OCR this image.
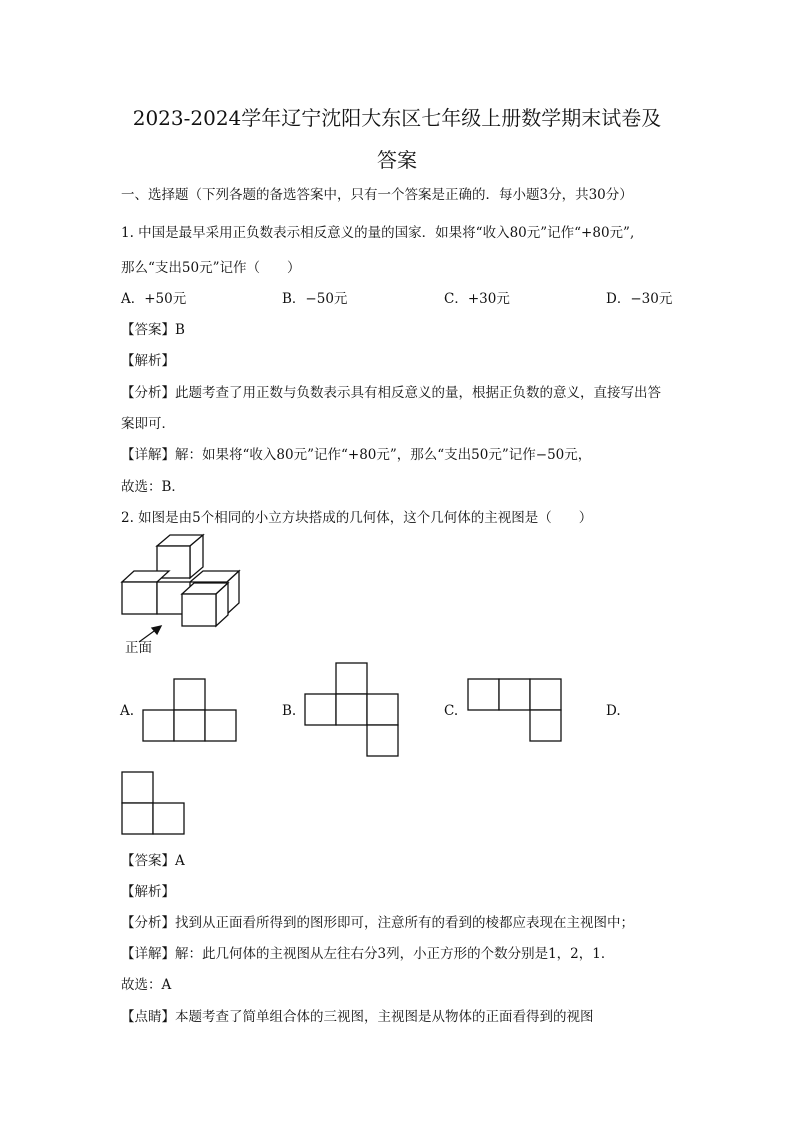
2023-2024学年辽宁沈阳大东区七年级上册数学期末试卷及
答案
一、选择题（下列各题的备选答案中，只有一个答案是正确的．每小题3分，共30分）
1. 中国是最早采用正负数表示相反意义的量的国家．如果将“收入80元”记作“+80元”,
那么“支出50元”记作（　　）
A．+50元	B．−50元	C．+30元	D．−30元
【答案】B
【解析】
【分析】此题考查了用正数与负数表示具有相反意义的量，根据正负数的意义，直接写出答
案即可．
【详解】解：如果将“收入80元”记作“+80元”，那么“支出50元”记作−50元，
故选：B．
2. 如图是由5个相同的小立方块搭成的几何体，这个几何体的主视图是（　　）
正面
A.	B.	C.	D.
【答案】A
【解析】
【分析】找到从正面看所得到的图形即可，注意所有的看到的棱都应表现在主视图中；
【详解】解：此几何体的主视图从左往右分3列，小正方形的个数分别是1，2，1．
故选：A
【点睛】本题考查了简单组合体的三视图，主视图是从物体的正面看得到的视图
